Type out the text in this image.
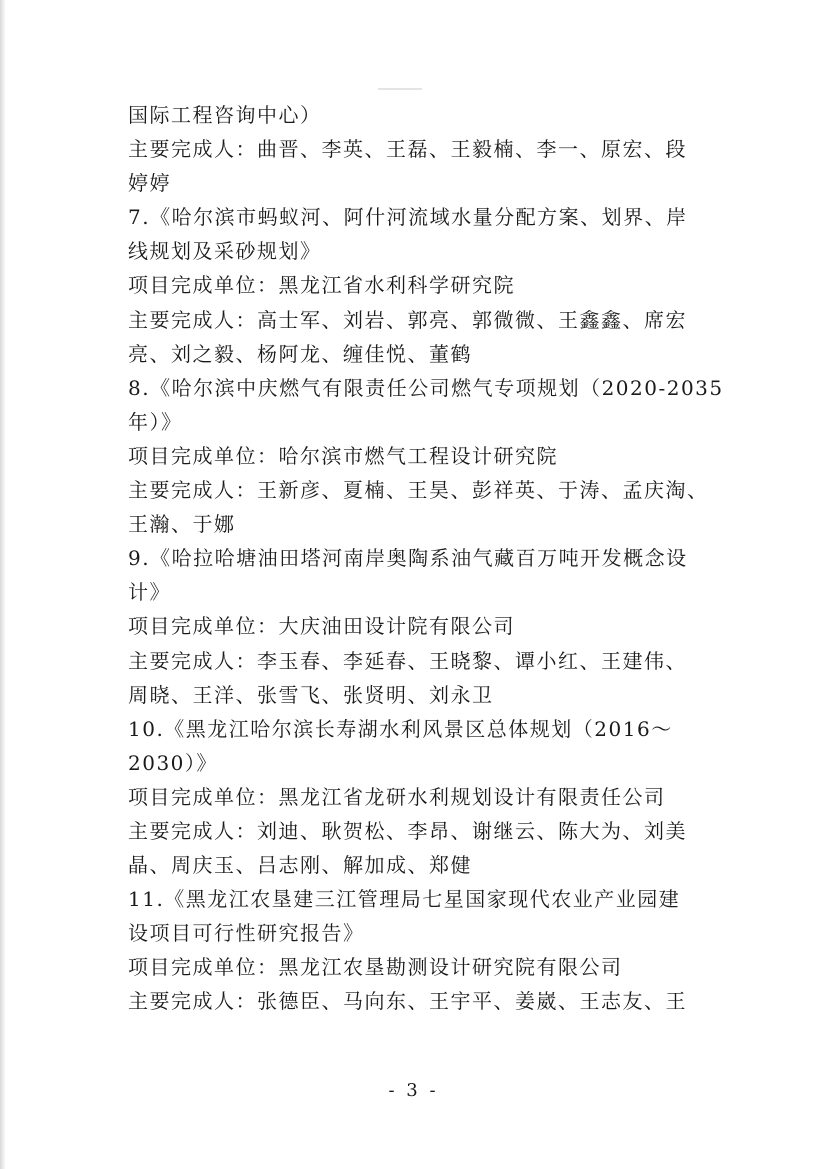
国际工程咨询中心）
主要完成人：曲晋、李英、王磊、王毅楠、李一、原宏、段
婷婷
7.《哈尔滨市蚂蚁河、阿什河流域水量分配方案、划界、岸
线规划及采砂规划》
项目完成单位：黑龙江省水利科学研究院
主要完成人：高士军、刘岩、郭亮、郭微微、王鑫鑫、席宏
亮、刘之毅、杨阿龙、缠佳悦、董鹤
8.《哈尔滨中庆燃气有限责任公司燃气专项规划（2020-2035
年）》
项目完成单位：哈尔滨市燃气工程设计研究院
主要完成人：王新彦、夏楠、王昊、彭祥英、于涛、孟庆淘、
王瀚、于娜
9.《哈拉哈塘油田塔河南岸奥陶系油气藏百万吨开发概念设
计》
项目完成单位：大庆油田设计院有限公司
主要完成人：李玉春、李延春、王晓黎、谭小红、王建伟、
周晓、王洋、张雪飞、张贤明、刘永卫
10.《黑龙江哈尔滨长寿湖水利风景区总体规划（2016～
2030）》
项目完成单位：黑龙江省龙研水利规划设计有限责任公司
主要完成人：刘迪、耿贺松、李昂、谢继云、陈大为、刘美
晶、周庆玉、吕志刚、解加成、郑健
11.《黑龙江农垦建三江管理局七星国家现代农业产业园建
设项目可行性研究报告》
项目完成单位：黑龙江农垦勘测设计研究院有限公司
主要完成人：张德臣、马向东、王宇平、姜崴、王志友、王
- 3 -
